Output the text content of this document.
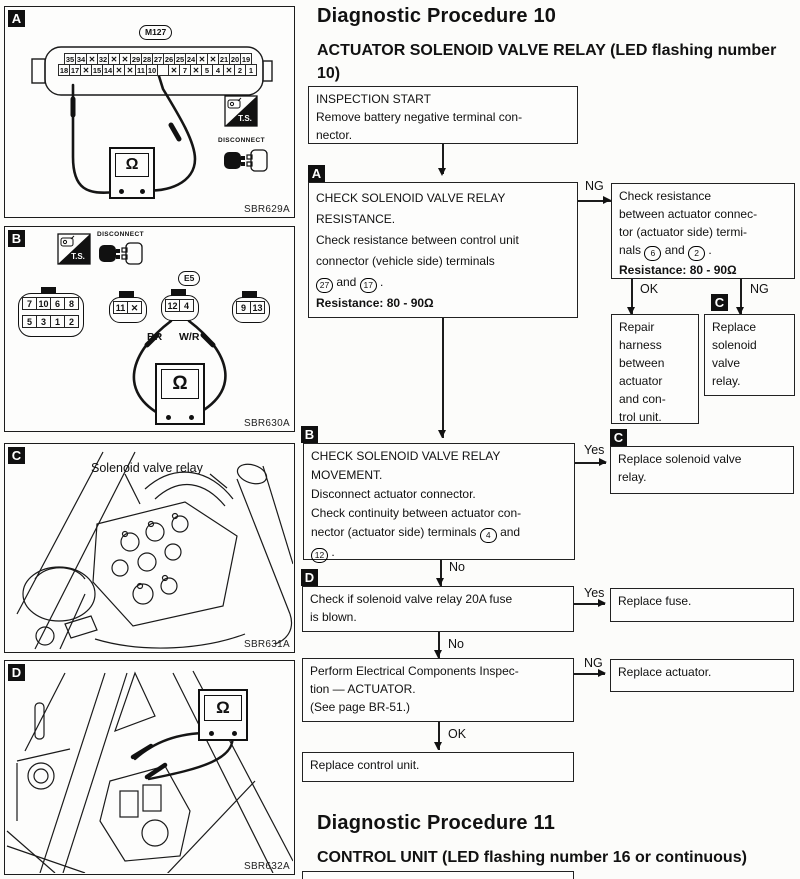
A
M127
35 34 ✕ 32 ✕ ✕ 29 28 27 26 25 24 ✕ ✕ 21 20 19
18 17 ✕ 15 14 ✕ ✕ 11 10 ✕ 7 ✕ 5 4 ✕ 2 1
Ω
T.S.
DISCONNECT
SBR629A
B
T.S.
DISCONNECT
E5
7 10 6 8
5 3 1 2
11 ✕	12 4	9 13
BR W/R
Ω
SBR630A
Solenoid valve relay
C
SBR631A
D
Ω
SBR632A
Diagnostic Procedure 10
ACTUATOR SOLENOID VALVE RELAY (LED flashing number 10)
INSPECTION START
Remove battery negative terminal con-
nector.
A
CHECK SOLENOID VALVE RELAY
RESISTANCE.
Check resistance between control unit
connector (vehicle side) terminals
27 and 17 .
Resistance: 80 - 90Ω
NG
Check resistance
between actuator connec-
tor (actuator side) termi-
nals 6 and 2 .
Resistance: 80 - 90Ω
OK	NG
C
Repair
harness
between
actuator
and con-
trol unit.
Replace
solenoid
valve
relay.
B
CHECK SOLENOID VALVE RELAY
MOVEMENT.
Disconnect actuator connector.
Check continuity between actuator con-
nector (actuator side) terminals 4 and
12 .
Yes
C
Replace solenoid valve
relay.
No
D
Check if solenoid valve relay 20A fuse
is blown.
Yes
Replace fuse.
No
Perform Electrical Components Inspec-
tion — ACTUATOR.
(See page BR-51.)
NG
Replace actuator.
OK
Replace control unit.
Diagnostic Procedure 11
CONTROL UNIT (LED flashing number 16 or continuous)
